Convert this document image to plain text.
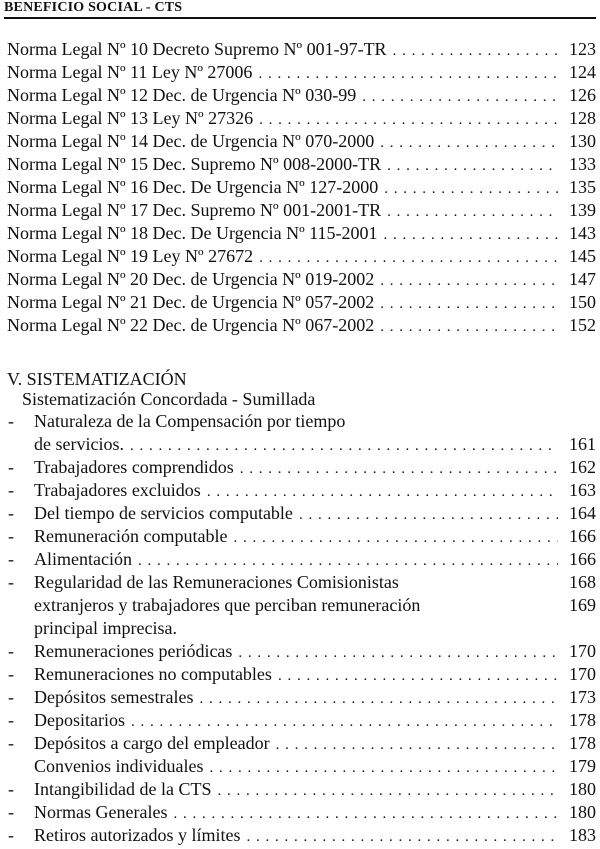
BENEFICIO SOCIAL - CTS
Norma Legal Nº 10 Decreto Supremo Nº 001-97-TR . . .	123
Norma Legal Nº 11 Ley Nº 27006 . . .	124
Norma Legal Nº 12 Dec. de Urgencia Nº 030-99 . . .	126
Norma Legal Nº 13 Ley Nº 27326 . . .	128
Norma Legal Nº 14 Dec. de Urgencia Nº 070-2000 . . .	130
Norma Legal Nº 15 Dec. Supremo Nº 008-2000-TR . . .	133
Norma Legal Nº 16 Dec. De Urgencia Nº 127-2000 . . .	135
Norma Legal Nº 17 Dec. Supremo Nº 001-2001-TR . . .	139
Norma Legal Nº 18 Dec. De Urgencia Nº 115-2001 . . .	143
Norma Legal Nº 19 Ley Nº 27672 . . .	145
Norma Legal Nº 20 Dec. de Urgencia Nº 019-2002 . . .	147
Norma Legal Nº 21 Dec. de Urgencia Nº 057-2002 . . .	150
Norma Legal Nº 22 Dec. de Urgencia Nº 067-2002 . . .	152
V. SISTEMATIZACIÓN
Sistematización Concordada - Sumillada
-	Naturaleza de la Compensación por tiempo
de servicios. . . .	161
-	Trabajadores comprendidos . . .	162
-	Trabajadores excluidos . . .	163
-	Del tiempo de servicios computable . . .	164
-	Remuneración computable . . .	166
-	Alimentación . . .	166
-	Regularidad de las Remuneraciones Comisionistas	168
extranjeros y trabajadores que perciban remuneración	169
principal imprecisa.
-	Remuneraciones periódicas . . .	170
-	Remuneraciones no computables . . .	170
-	Depósitos semestrales . . .	173
-	Depositarios . . .	178
-	Depósitos a cargo del empleador . . .	178
Convenios individuales . . .	179
-	Intangibilidad de la CTS . . .	180
-	Normas Generales . . .	180
-	Retiros autorizados y límites . . .	183
